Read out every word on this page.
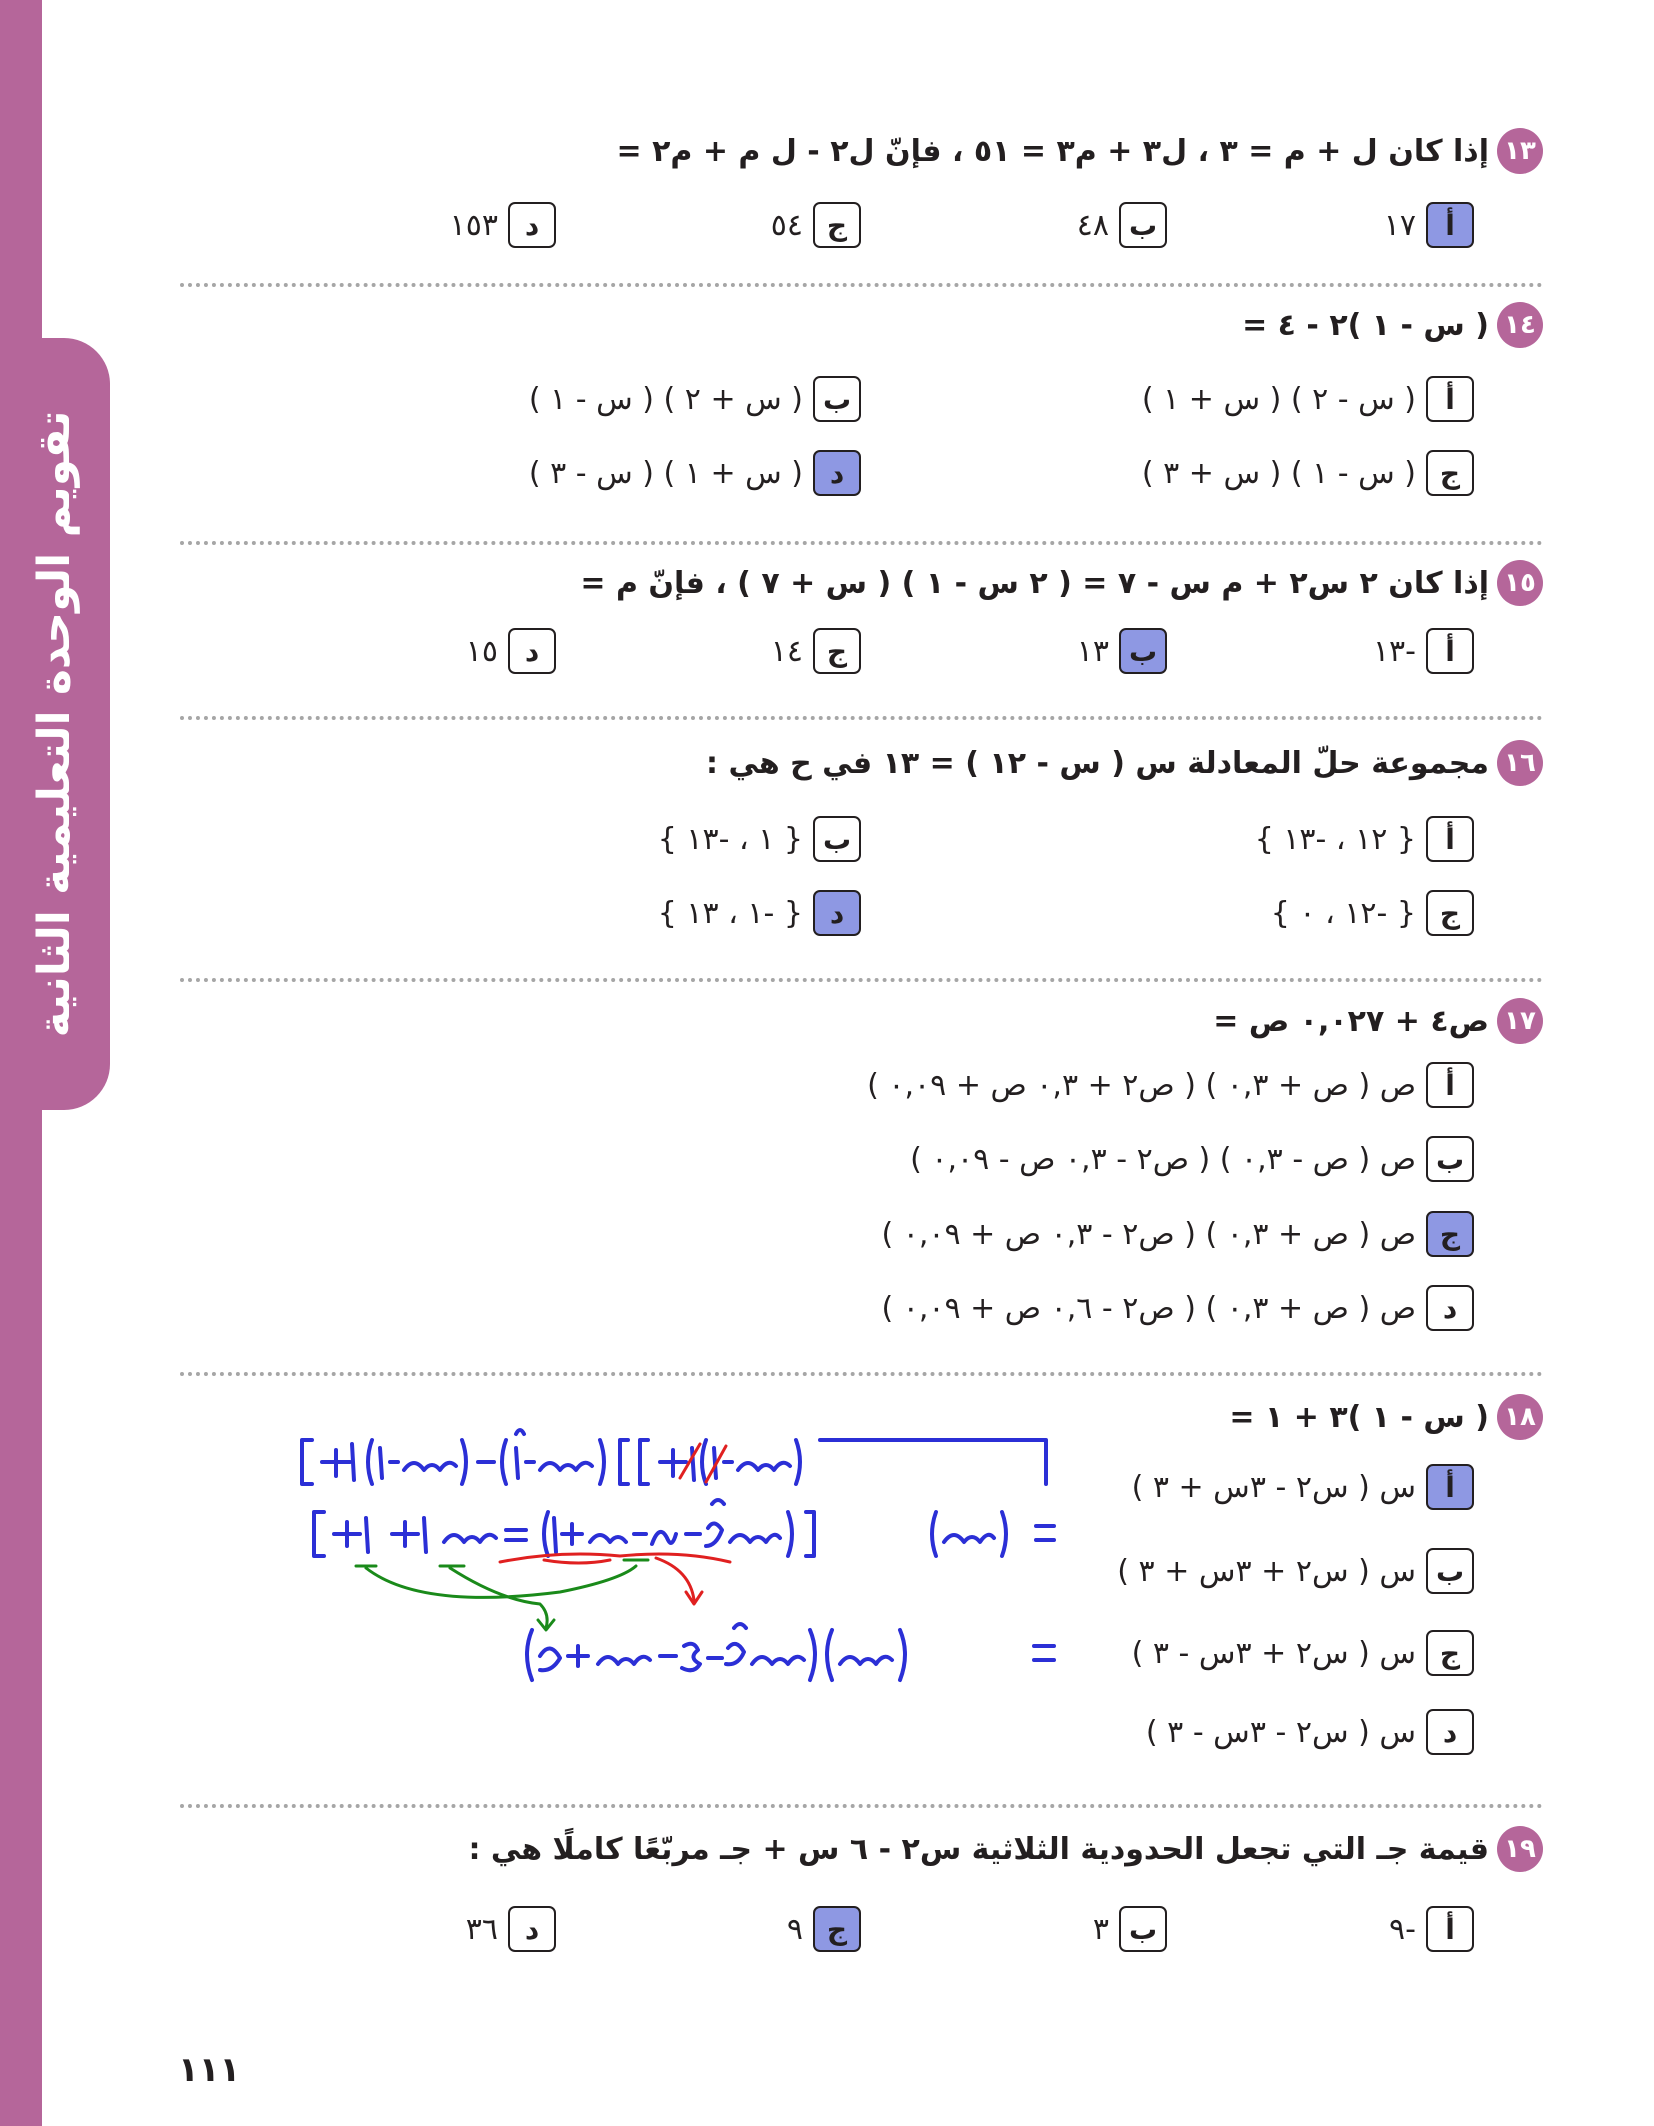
تقويم الوحدة التعليمية الثانية
١٣
إذا كان ل + م = ٣ ، ل٣ + م٣ = ٥١ ، فإنّ ل٢ - ل م + م٢ =
أ
١٧
ب
٤٨
ج
٥٤
د
١٥٣
١٤
( س - ١ )٢ - ٤ =
أ
( س - ٢ ) ( س + ١ )
ب
( س + ٢ ) ( س - ١ )
ج
( س - ١ ) ( س + ٣ )
د
( س + ١ ) ( س - ٣ )
١٥
إذا كان ٢ س٢ + م س - ٧ = ( ٢ س - ١ ) ( س + ٧ ) ، فإنّ م =
أ
-١٣
ب
١٣
ج
١٤
د
١٥
١٦
مجموعة حلّ المعادلة س ( س - ١٢ ) = ١٣ في ح هي :
أ
{ ١٢ ، -١٣ }
ب
{ ١ ، -١٣ }
ج
{ -١٢ ، ٠ }
د
{ -١ ، ١٣ }
١٧
ص٤ + ٠,٠٢٧ ص =
أ
ص ( ص + ٠,٣ ) ( ص٢ + ٠,٣ ص + ٠,٠٩ )
ب
ص ( ص - ٠,٣ ) ( ص٢ - ٠,٣ ص - ٠,٠٩ )
ج
ص ( ص + ٠,٣ ) ( ص٢ - ٠,٣ ص + ٠,٠٩ )
د
ص ( ص + ٠,٣ ) ( ص٢ - ٠,٦ ص + ٠,٠٩ )
١٨
( س - ١ )٣ + ١ =
أ
س ( س٢ - ٣س + ٣ )
ب
س ( س٢ + ٣س + ٣ )
ج
س ( س٢ + ٣س - ٣ )
د
س ( س٢ - ٣س - ٣ )
١٩
قيمة جـ التي تجعل الحدودية الثلاثية س٢ - ٦ س + جـ مربّعًا كاملًا هي :
أ
-٩
ب
٣
ج
٩
د
٣٦
١١١
